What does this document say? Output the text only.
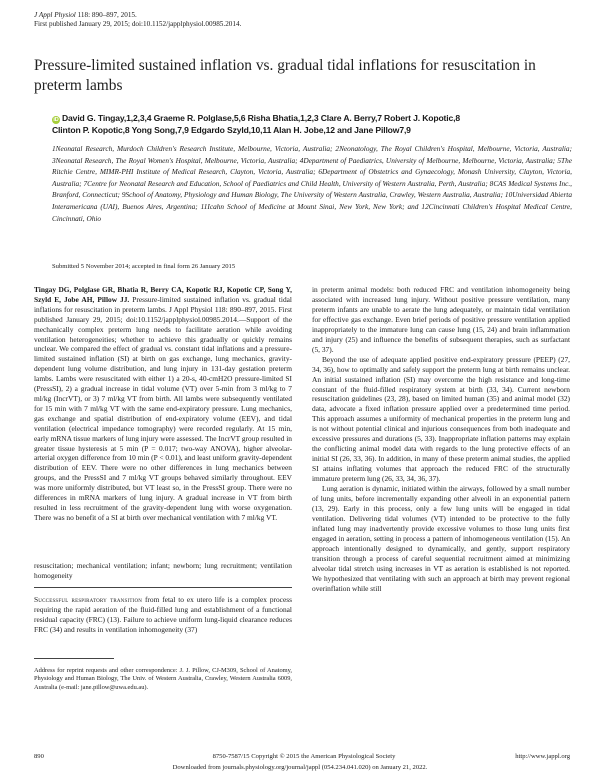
J Appl Physiol 118: 890–897, 2015.
First published January 29, 2015; doi:10.1152/japplphysiol.00985.2014.
Pressure-limited sustained inflation vs. gradual tidal inflations for resuscitation in preterm lambs
iD David G. Tingay,1,2,3,4 Graeme R. Polglase,5,6 Risha Bhatia,1,2,3 Clare A. Berry,7 Robert J. Kopotic,8
Clinton P. Kopotic,8 Yong Song,7,9 Edgardo Szyld,10,11 Alan H. Jobe,12 and Jane Pillow7,9
1Neonatal Research, Murdoch Children's Research Institute, Melbourne, Victoria, Australia; 2Neonatology, The Royal Children's Hospital, Melbourne, Victoria, Australia; 3Neonatal Research, The Royal Women's Hospital, Melbourne, Victoria, Australia; 4Department of Paediatrics, University of Melbourne, Melbourne, Victoria, Australia; 5The Ritchie Centre, MIMR-PHI Institute of Medical Research, Clayton, Victoria, Australia; 6Department of Obstetrics and Gynaecology, Monash University, Clayton, Victoria, Australia; 7Centre for Neonatal Research and Education, School of Paediatrics and Child Health, University of Western Australia, Perth, Australia; 8CAS Medical Systems Inc., Branford, Connecticut; 9School of Anatomy, Physiology and Human Biology, The University of Western Australia, Crawley, Western Australia, Australia; 10Universidad Abierta Interamericana (UAI), Buenos Aires, Argentina; 11Icahn School of Medicine at Mount Sinai, New York, New York; and 12Cincinnati Children's Hospital Medical Centre, Cincinnati, Ohio
Submitted 5 November 2014; accepted in final form 26 January 2015
Tingay DG, Polglase GR, Bhatia R, Berry CA, Kopotic RJ, Kopotic CP, Song Y, Szyld E, Jobe AH, Pillow JJ. Pressure-limited sustained inflation vs. gradual tidal inflations for resuscitation in preterm lambs. J Appl Physiol 118: 890–897, 2015. First published January 29, 2015; doi:10.1152/japplphysiol.00985.2014.—Support of the mechanically complex preterm lung needs to facilitate aeration while avoiding ventilation heterogeneities; whether to achieve this gradually or quickly remains unclear. We compared the effect of gradual vs. constant tidal inflations and a pressure-limited sustained inflation (SI) at birth on gas exchange, lung mechanics, gravity-dependent lung volume distribution, and lung injury in 131-day gestation preterm lambs. Lambs were resuscitated with either 1) a 20-s, 40-cmH2O pressure-limited SI (PressSI), 2) a gradual increase in tidal volume (VT) over 5-min from 3 ml/kg to 7 ml/kg (IncrVT), or 3) 7 ml/kg VT from birth. All lambs were subsequently ventilated for 15 min with 7 ml/kg VT with the same end-expiratory pressure. Lung mechanics, gas exchange and spatial distribution of end-expiratory volume (EEV), and tidal ventilation (electrical impedance tomography) were recorded regularly. At 15 min, early mRNA tissue markers of lung injury were assessed. The IncrVT group resulted in greater tissue hysteresis at 5 min (P = 0.017; two-way ANOVA), higher alveolar-arterial oxygen difference from 10 min (P < 0.01), and least uniform gravity-dependent distribution of EEV. There were no other differences in lung mechanics between groups, and the PressSI and 7 ml/kg VT groups behaved similarly throughout. EEV was more uniformly distributed, but VT least so, in the PressSI group. There were no differences in mRNA markers of lung injury. A gradual increase in VT from birth resulted in less recruitment of the gravity-dependent lung with worse oxygenation. There was no benefit of a SI at birth over mechanical ventilation with 7 ml/kg VT.
resuscitation; mechanical ventilation; infant; newborn; lung recruitment; ventilation homogeneity
Successful respiratory transition from fetal to ex utero life is a complex process requiring the rapid aeration of the fluid-filled lung and establishment of a functional residual capacity (FRC) (13). Failure to achieve uniform lung-liquid clearance reduces FRC (34) and results in ventilation inhomogeneity (37)
Address for reprint requests and other correspondence: J. J. Pillow, CJ-M309, School of Anatomy, Physiology and Human Biology, The Univ. of Western Australia, Crawley, Western Australia 6009, Australia (e-mail: jane.pillow@uwa.edu.au).

in preterm animal models: both reduced FRC and ventilation inhomogeneity being associated with increased lung injury. Without positive pressure ventilation, many preterm infants are unable to aerate the lung adequately, or maintain tidal ventilation for effective gas exchange. Even brief periods of positive pressure ventilation applied inappropriately to the immature lung can cause lung (15, 24) and brain inflammation and injury (25) and influence the benefits of subsequent therapies, such as surfactant (5, 37).

Beyond the use of adequate applied positive end-expiratory pressure (PEEP) (27, 34, 36), how to optimally and safely support the preterm lung at birth remains unclear. An initial sustained inflation (SI) may overcome the high resistance and long-time constant of the fluid-filled respiratory system at birth (33, 34). Current newborn resuscitation guidelines (23, 28), based on limited human (35) and animal model (32) data, advocate a fixed inflation pressure applied over a predetermined time period. This approach assumes a uniformity of mechanical properties in the preterm lung and is not without potential clinical and injurious consequences from both inadequate and excessive pressures and durations (5, 33). Inappropriate inflation patterns may explain the conflicting animal model data with regards to the lung protective effects of an initial SI (26, 33, 36). In addition, in many of these preterm animal studies, the applied SI attains inflating volumes that approach the reduced FRC of the structurally immature preterm lung (26, 33, 34, 36, 37).

Lung aeration is dynamic, initiated within the airways, followed by a small number of lung units, before incrementally expanding other alveoli in an exponential pattern (13, 29). Early in this process, only a few lung units will be engaged in tidal ventilation. Delivering tidal volumes (VT) intended to be protective to the fully inflated lung may inadvertently provide excessive volumes to those lung units first engaged in aeration, setting in process a pattern of inhomogeneous ventilation (15). An approach intentionally designed to dynamically, and gently, support respiratory transition through a process of careful sequential recruitment aimed at minimizing alveolar tidal stretch using increases in VT as aeration is established is not reported. We hypothesized that ventilating with such an approach at birth may prevent regional overinflation while still

890	8750-7587/15 Copyright © 2015 the American Physiological Society	http://www.jappl.org
Downloaded from journals.physiology.org/journal/jappl (054.234.041.020) on January 21, 2022.
